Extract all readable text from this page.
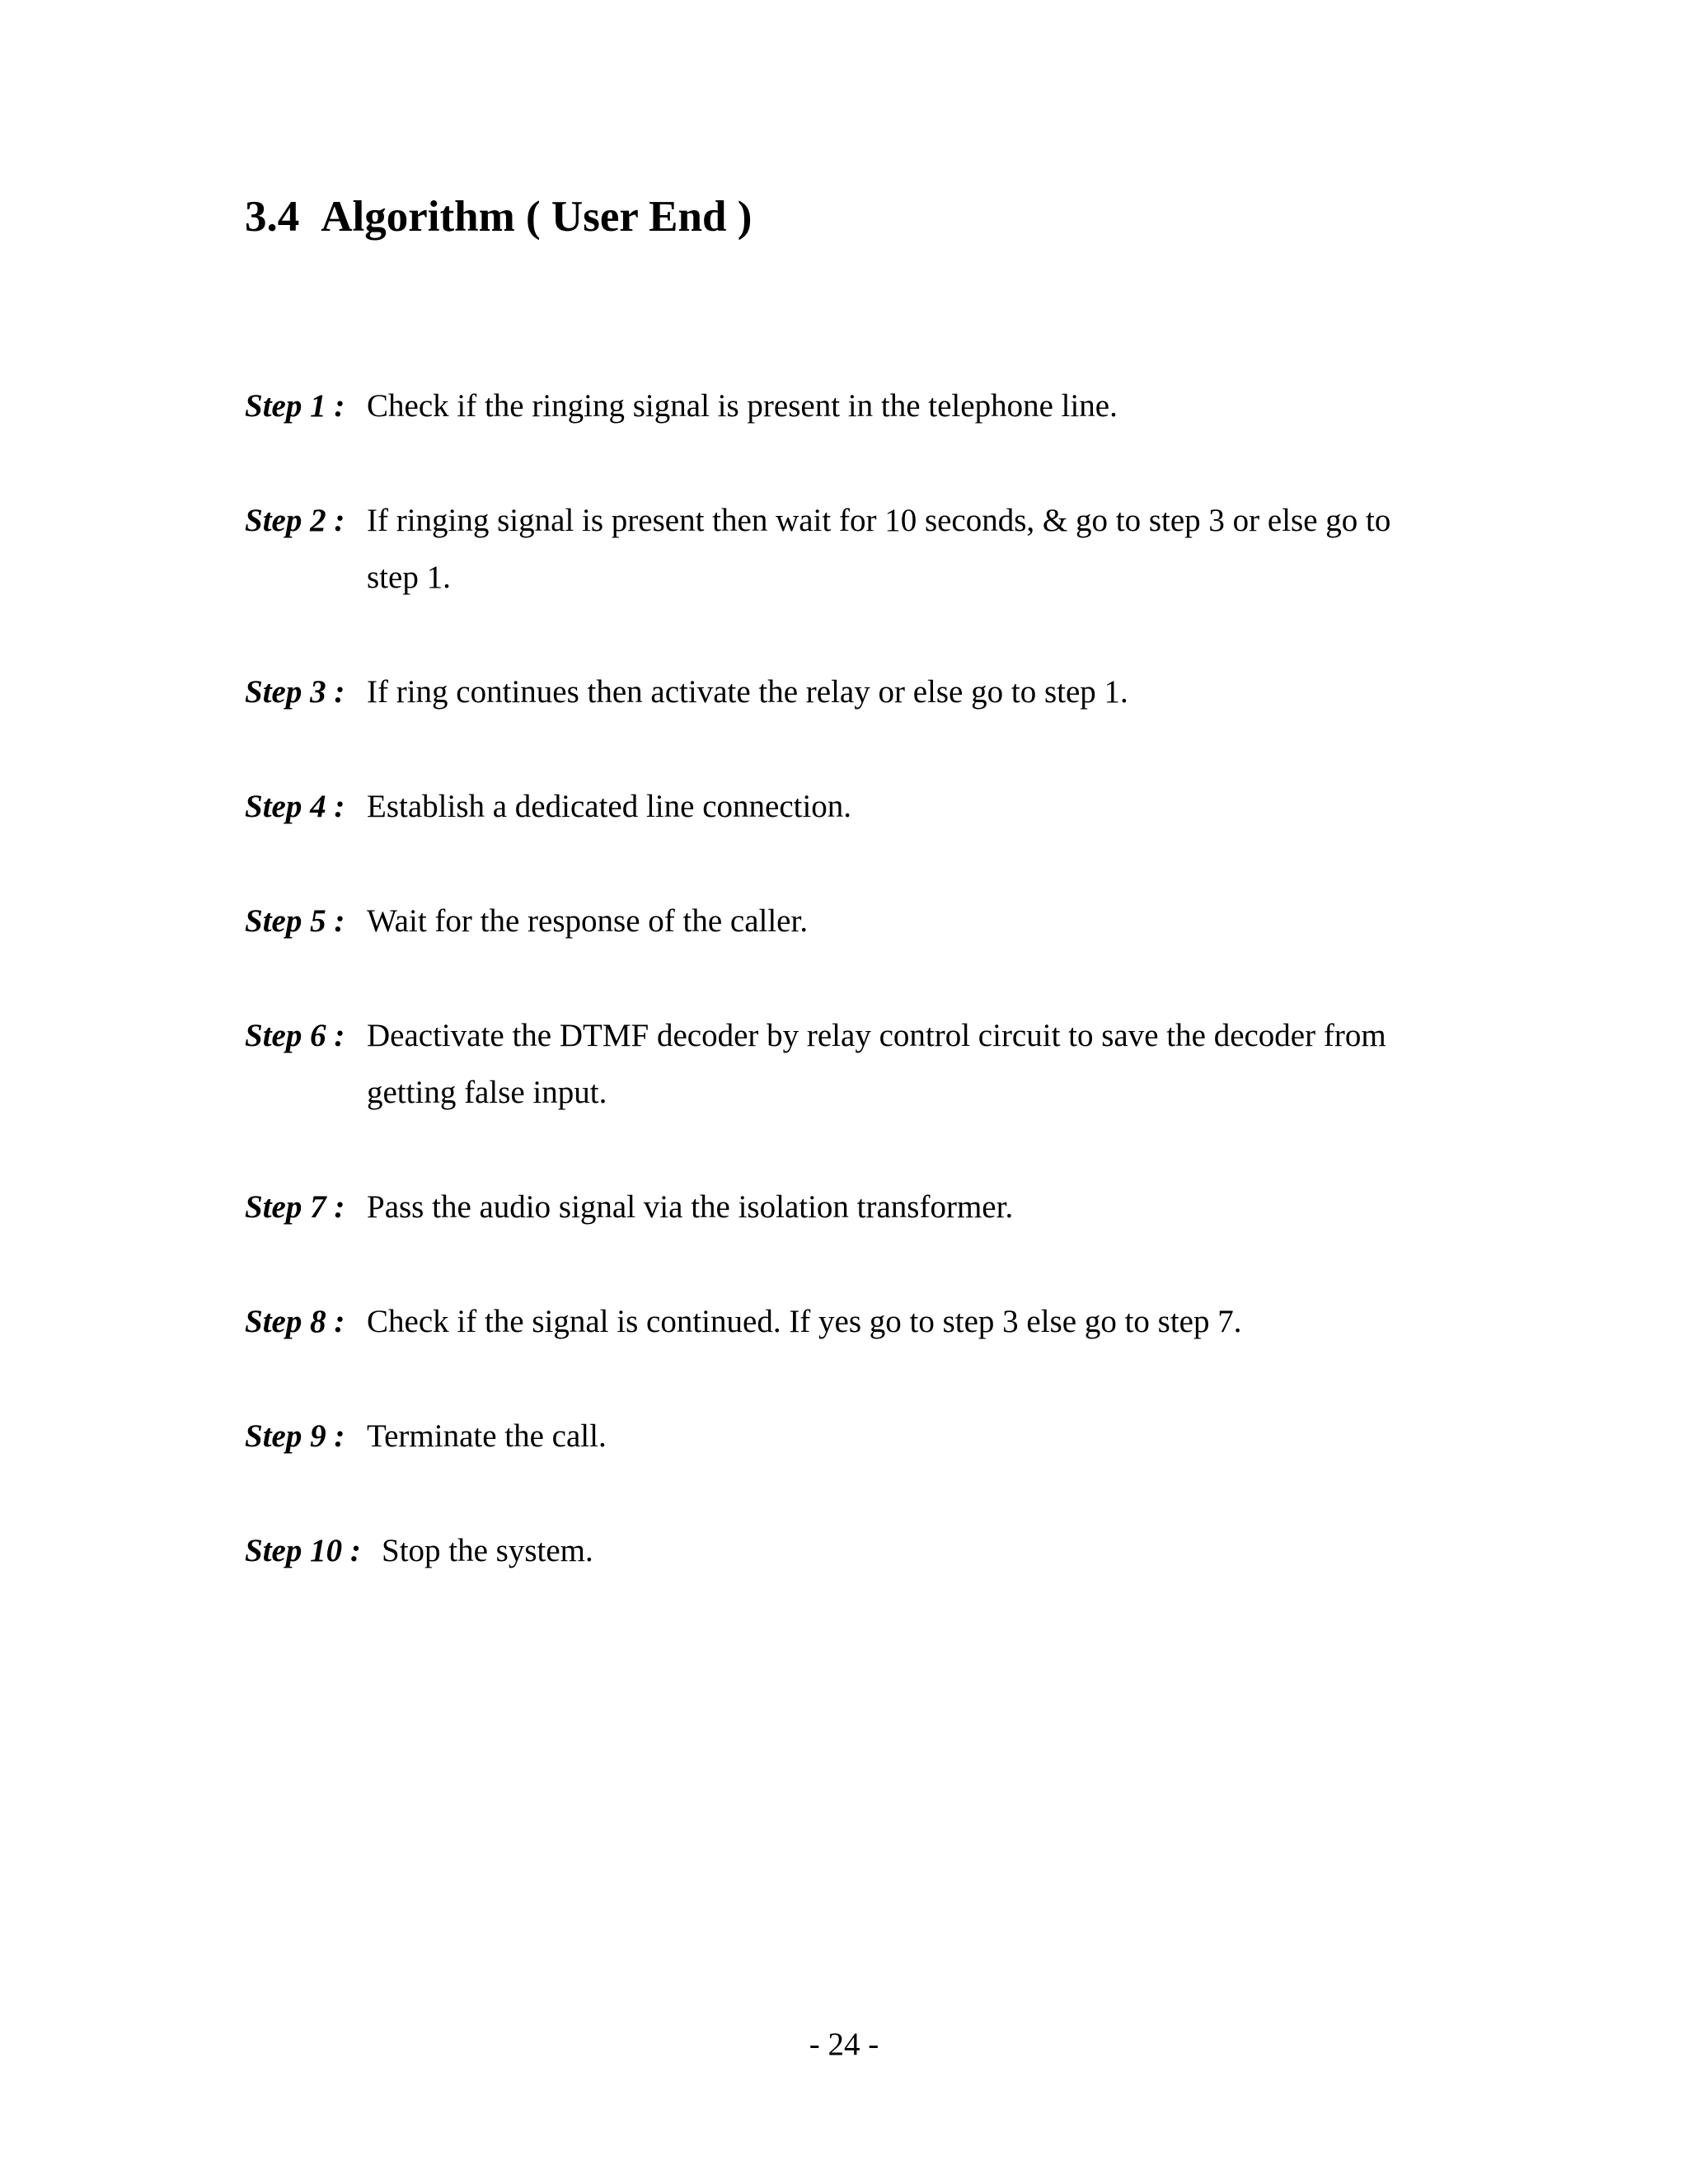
3.4 Algorithm ( User End )
Step 1 : Check if the ringing signal is present in the telephone line.
Step 2 : If ringing signal is present then wait for 10 seconds, & go to step 3 or else go to step 1.
Step 3 : If ring continues then activate the relay or else go to step 1.
Step 4 : Establish a dedicated line connection.
Step 5 : Wait for the response of the caller.
Step 6 : Deactivate the DTMF decoder by relay control circuit to save the decoder from getting false input.
Step 7 : Pass the audio signal via the isolation transformer.
Step 8 : Check if the signal is continued. If yes go to step 3 else go to step 7.
Step 9 : Terminate the call.
Step 10 : Stop the system.
- 24 -
